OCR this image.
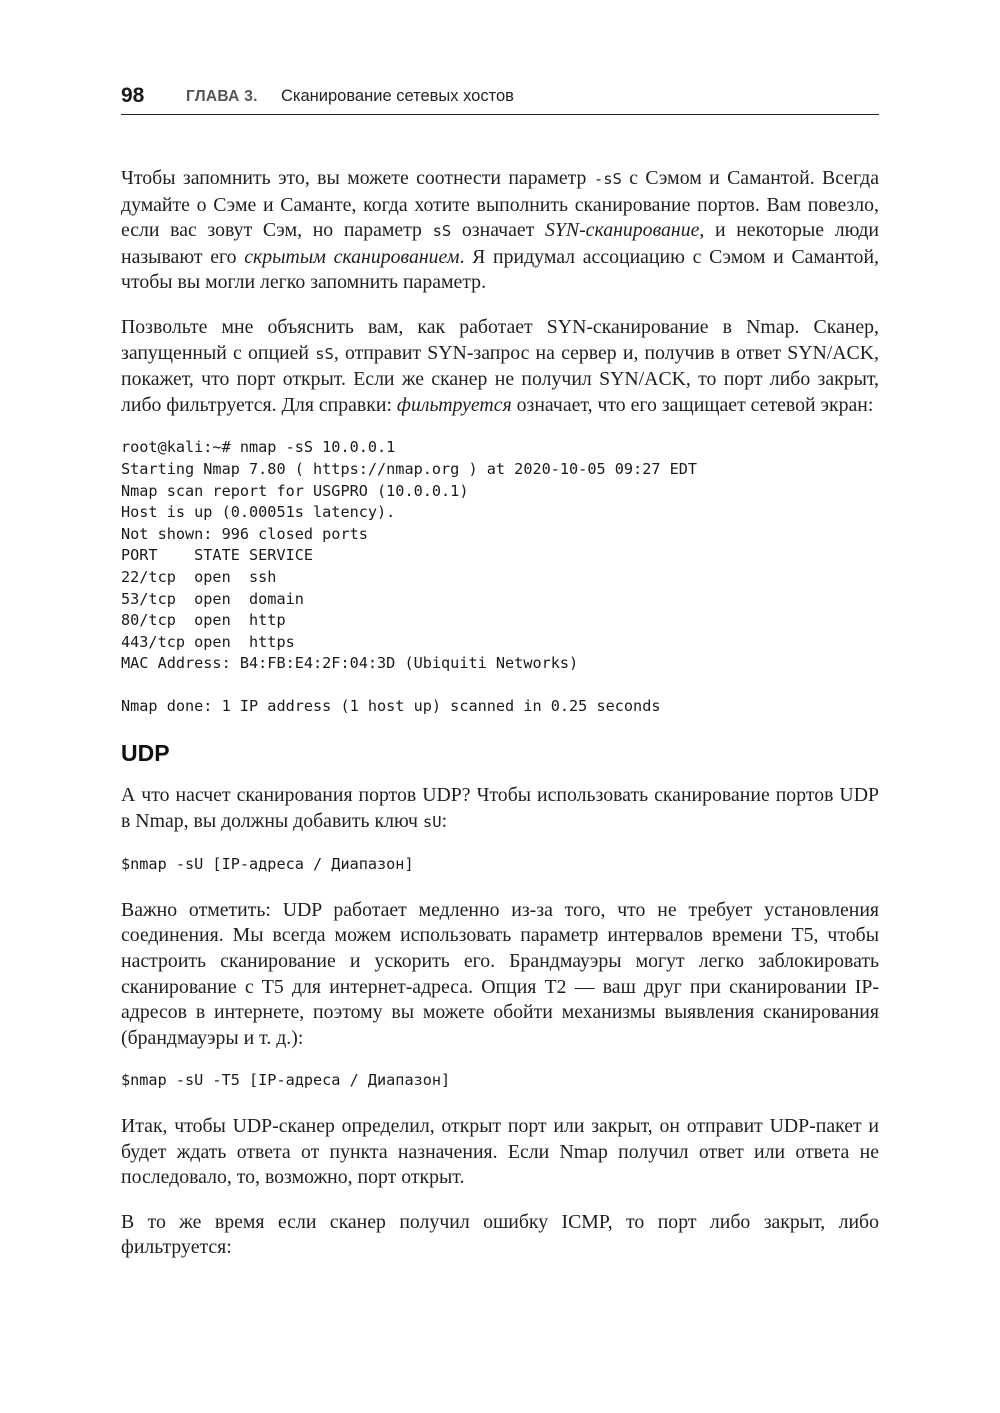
98	ГЛАВА 3. Сканирование сетевых хостов

Чтобы запомнить это, вы можете соотнести параметр -sS с Сэмом и Самантой. Всегда думайте о Сэме и Саманте, когда хотите выполнить сканирование портов. Вам повезло, если вас зовут Сэм, но параметр sS означает SYN-сканирование, и некоторые люди называют его скрытым сканированием. Я придумал ассоциацию с Сэмом и Самантой, чтобы вы могли легко запомнить параметр.

Позвольте мне объяснить вам, как работает SYN-сканирование в Nmap. Сканер, запущенный с опцией sS, отправит SYN-запрос на сервер и, получив в ответ SYN/ACK, покажет, что порт открыт. Если же сканер не получил SYN/ACK, то порт либо закрыт, либо фильтруется. Для справки: фильтруется означает, что его защищает сетевой экран:

root@kali:~# nmap -sS 10.0.0.1
Starting Nmap 7.80 ( https://nmap.org ) at 2020-10-05 09:27 EDT
Nmap scan report for USGPRO (10.0.0.1)
Host is up (0.00051s latency).
Not shown: 996 closed ports
PORT    STATE SERVICE
22/tcp  open  ssh
53/tcp  open  domain
80/tcp  open  http
443/tcp open  https
MAC Address: B4:FB:E4:2F:04:3D (Ubiquiti Networks)

Nmap done: 1 IP address (1 host up) scanned in 0.25 seconds
UDP

А что насчет сканирования портов UDP? Чтобы использовать сканирование портов UDP в Nmap, вы должны добавить ключ sU:

$nmap -sU [IP-адреса / Диапазон]

Важно отметить: UDP работает медленно из-за того, что не требует установления соединения. Мы всегда можем использовать параметр интервалов времени T5, чтобы настроить сканирование и ускорить его. Брандмауэры могут легко заблокировать сканирование с T5 для интернет-адреса. Опция T2 — ваш друг при сканировании IP-адресов в интернете, поэтому вы можете обойти механизмы выявления сканирования (брандмауэры и т. д.):

$nmap -sU -T5 [IP-адреса / Диапазон]

Итак, чтобы UDP-сканер определил, открыт порт или закрыт, он отправит UDP-пакет и будет ждать ответа от пункта назначения. Если Nmap получил ответ или ответа не последовало, то, возможно, порт открыт.

В то же время если сканер получил ошибку ICMP, то порт либо закрыт, либо фильтруется:
